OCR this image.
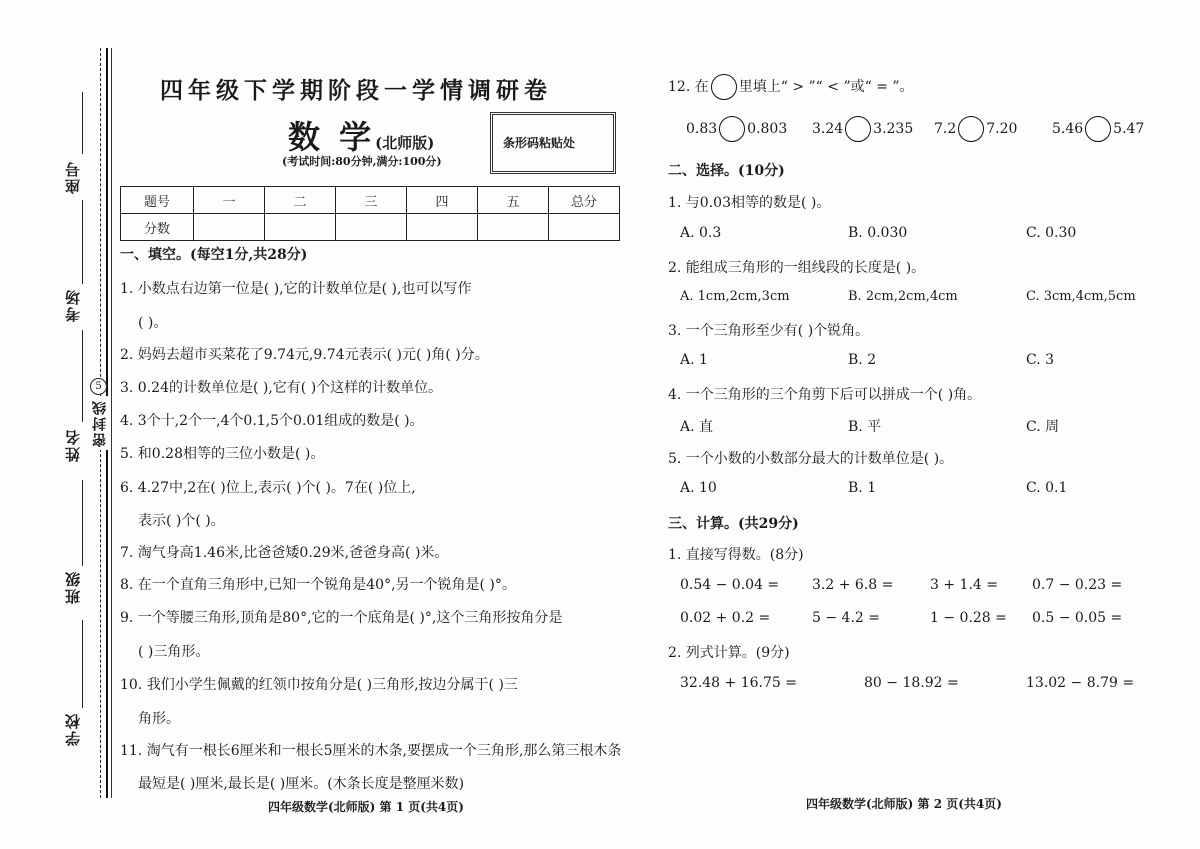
座号
考场
姓名
班级
学校
密封线
5
四年级下学期阶段一学情调研卷
数 学(北师版)
(考试时间:80分钟,满分:100分)
条形码粘贴处
题号	一	二	三	四	五	总分
分数						
一、填空。(每空1分,共28分)
1. 小数点右边第一位是( ),它的计数单位是( ),也可以写作
( )。
2. 妈妈去超市买菜花了9.74元,9.74元表示( )元( )角( )分。
3. 0.24的计数单位是( ),它有( )个这样的计数单位。
4. 3个十,2个一,4个0.1,5个0.01组成的数是( )。
5. 和0.28相等的三位小数是( )。
6. 4.27中,2在( )位上,表示( )个( )。7在( )位上,
表示( )个( )。
7. 淘气身高1.46米,比爸爸矮0.29米,爸爸身高( )米。
8. 在一个直角三角形中,已知一个锐角是40°,另一个锐角是( )°。
9. 一个等腰三角形,顶角是80°,它的一个底角是( )°,这个三角形按角分是
( )三角形。
10. 我们小学生佩戴的红领巾按角分是( )三角形,按边分属于( )三
角形。
11. 淘气有一根长6厘米和一根长5厘米的木条,要摆成一个三角形,那么第三根木条
最短是( )厘米,最长是( )厘米。(木条长度是整厘米数)
四年级数学(北师版) 第 1 页(共4页)
12. 在 里填上“ > ”“ < ”或“ = ”。
0.83 0.803 3.24 3.235 7.2 7.20 5.46 5.47
二、选择。(10分)
1. 与0.03相等的数是( )。
A. 0.3	B. 0.030	C. 0.30
2. 能组成三角形的一组线段的长度是( )。
A. 1cm,2cm,3cm	B. 2cm,2cm,4cm	C. 3cm,4cm,5cm
3. 一个三角形至少有( )个锐角。
A. 1	B. 2	C. 3
4. 一个三角形的三个角剪下后可以拼成一个( )角。
A. 直	B. 平	C. 周
5. 一个小数的小数部分最大的计数单位是( )。
A. 10	B. 1	C. 0.1
三、计算。(共29分)
1. 直接写得数。(8分)
0.54 − 0.04 = 3.2 + 6.8 =	3 + 1.4 = 0.7 − 0.23 =
0.02 + 0.2 =	5 − 4.2 =	1 − 0.28 = 0.5 − 0.05 =
2. 列式计算。(9分)
32.48 + 16.75 =	80 − 18.92 =	13.02 − 8.79 =
四年级数学(北师版) 第 2 页(共4页)
